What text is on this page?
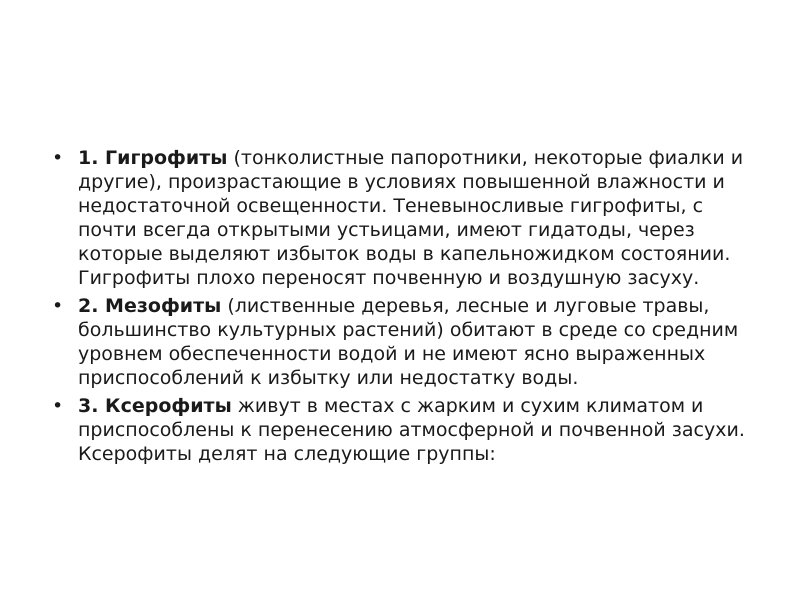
• 1. Гигрофиты (тонколистные папоротники, некоторые фиалки и другие), произрастающие в условиях повышенной влажности и недостаточной освещенности. Теневыносливые гигрофиты, с почти всегда открытыми устьицами, имеют гидатоды, через которые выделяют избыток воды в капельножидком состоянии. Гигрофиты плохо переносят почвенную и воздушную засуху.
• 2. Мезофиты (лиственные деревья, лесные и луговые травы, большинство культурных растений) обитают в среде со средним уровнем обеспеченности водой и не имеют ясно выраженных приспособлений к избытку или недостатку воды.
• 3. Ксерофиты живут в местах с жарким и сухим климатом и приспособлены к перенесению атмосферной и почвенной засухи. Ксерофиты делят на следующие группы:
